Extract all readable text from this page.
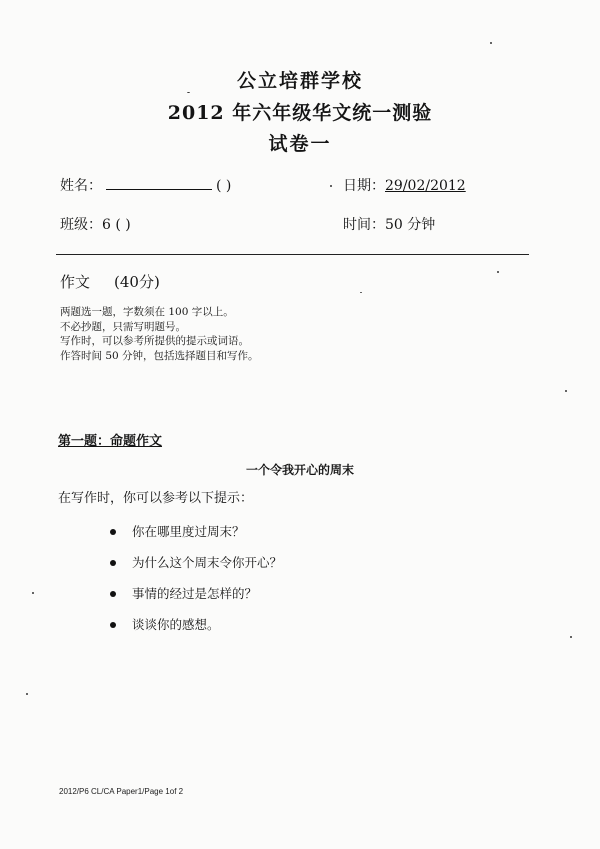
公立培群学校
2012 年六年级华文统一测验
试卷一
姓名：	( )	日期：29/02/2012
班级：6 ( )	时间：50 分钟
作文 (40分)
两题选一题，字数须在 100 字以上。
不必抄题，只需写明题号。
写作时，可以参考所提供的提示或词语。
作答时间 50 分钟，包括选择题目和写作。
第一题：命题作文
一个令我开心的周末
在写作时，你可以参考以下提示：
你在哪里度过周末？
为什么这个周末令你开心？
事情的经过是怎样的？
谈谈你的感想。
2012/P6 CL/CA Paper1/Page 1of 2
